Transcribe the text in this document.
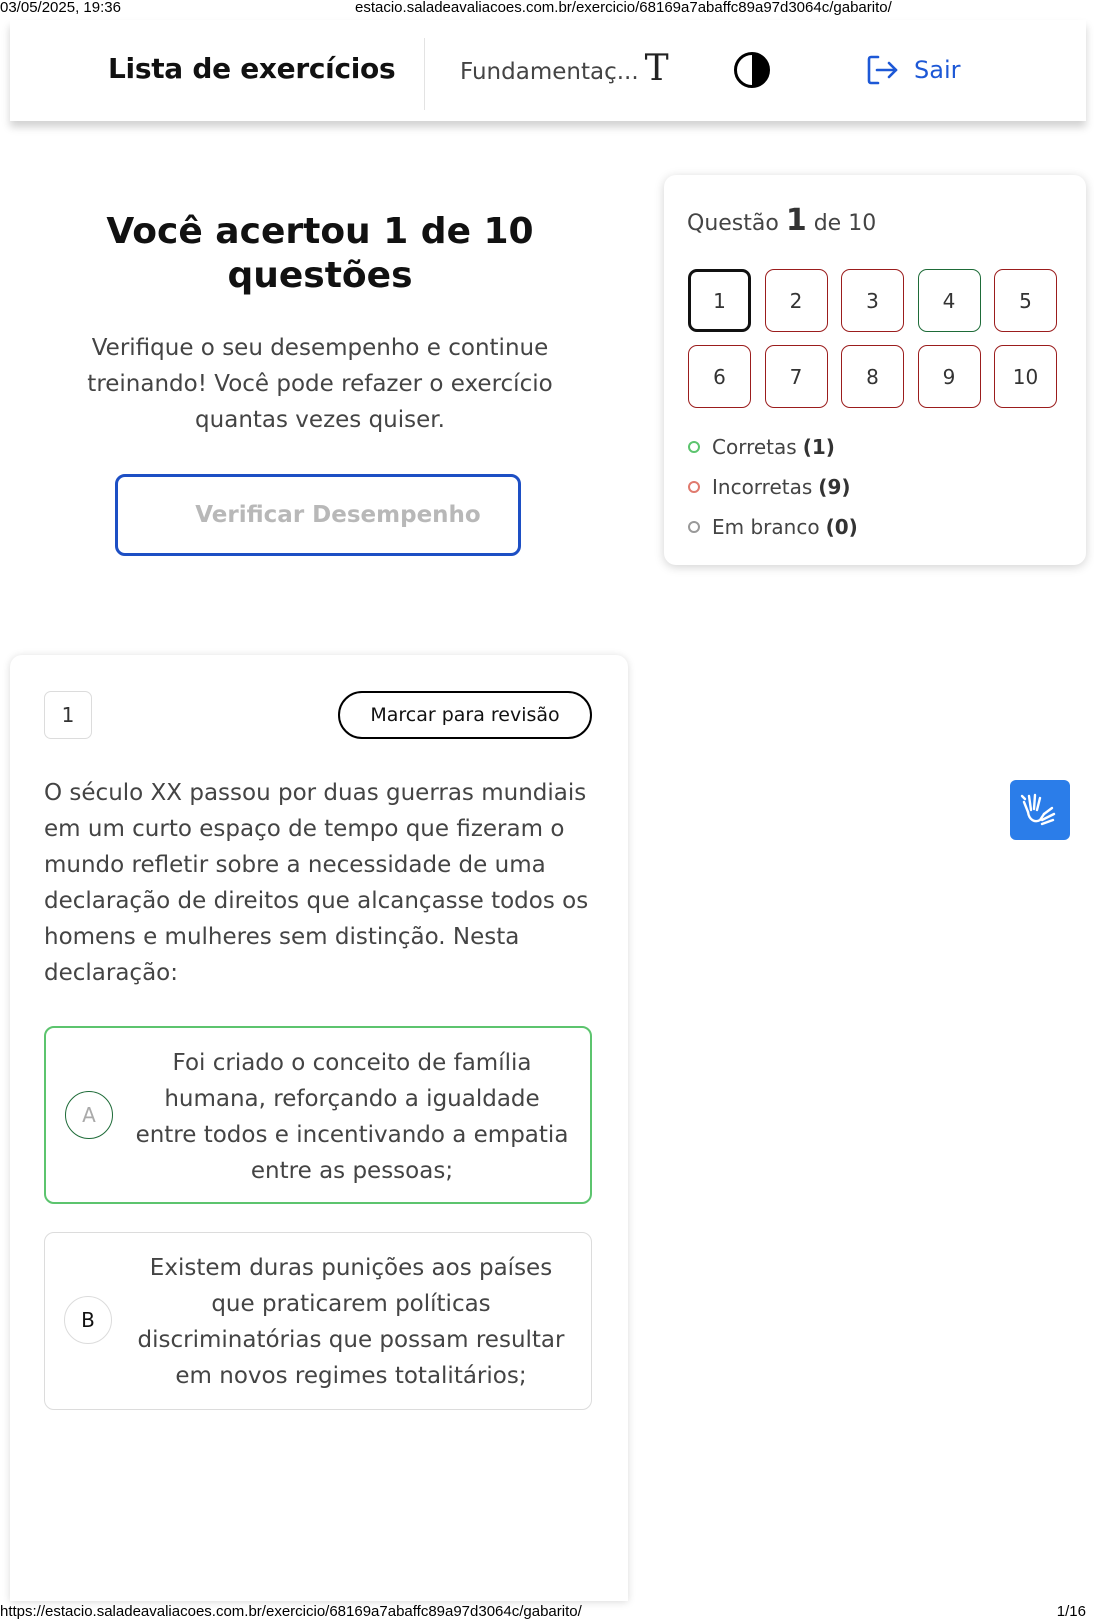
03/05/2025, 19:36	estacio.saladeavaliacoes.com.br/exercicio/68169a7abaffc89a97d3064c/gabarito/
Lista de exercícios	Fundamentaç... T	Sair
Você acertou 1 de 10 questões
Verifique o seu desempenho e continue treinando! Você pode refazer o exercício quantas vezes quiser.
Verificar Desempenho
Questão 1 de 10
1	2	3	4	5
6	7	8	9	10
Corretas (1)
Incorretas (9)
Em branco (0)
1	Marcar para revisão
O século XX passou por duas guerras mundiais em um curto espaço de tempo que fizeram o mundo refletir sobre a necessidade de uma declaração de direitos que alcançasse todos os homens e mulheres sem distinção. Nesta declaração:
A
Foi criado o conceito de família humana, reforçando a igualdade entre todos e incentivando a empatia entre as pessoas;
B
Existem duras punições aos países que praticarem políticas discriminatórias que possam resultar em novos regimes totalitários;
https://estacio.saladeavaliacoes.com.br/exercicio/68169a7abaffc89a97d3064c/gabarito/	1/16
